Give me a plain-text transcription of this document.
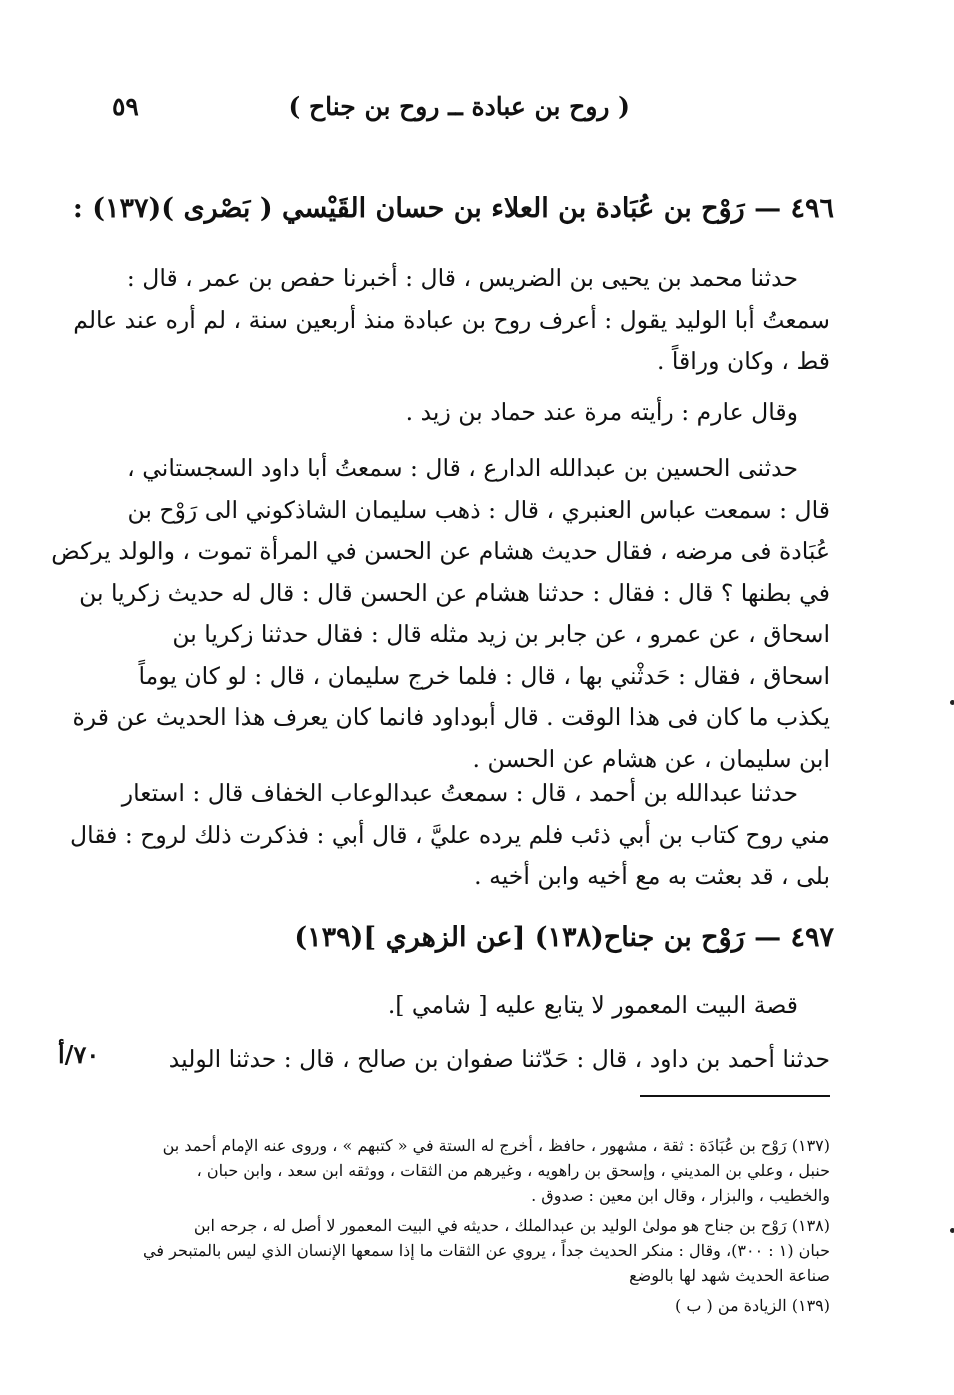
( روح بن عبادة ــ روح بن جناح )
٥٩
٤٩٦ — رَوْح بن عُبَادة بن العلاء بن حسان القَيْسي ( بَصْرى )(١٣٧) :
حدثنا محمد بن يحيى بن الضريس ، قال : أخبرنا حفص بن عمر ، قال :
سمعتُ أبا الوليد يقول : أعرف روح بن عبادة منذ أربعين سنة ، لم أره عند عالم
قط ، وكان وراقاً .
وقال عارم : رأيته مرة عند حماد بن زيد .
حدثنى الحسين بن عبدالله الدارع ، قال : سمعتُ أبا داود السجستاني ،
قال : سمعت عباس العنبري ، قال : ذهب سليمان الشاذكوني الى رَوْح بن
عُبَادة فى مرضه ، فقال حديث هشام عن الحسن في المرأة تموت ، والولد يركض
في بطنها ؟ قال : فقال : حدثنا هشام عن الحسن قال : قال له حديث زكريا بن
اسحاق ، عن عمرو ، عن جابر بن زيد مثله قال : فقال حدثنا زكريا بن
اسحاق ، فقال : حَدثْني بها ، قال : فلما خرج سليمان ، قال : لو كان يوماً
يكذب ما كان فى هذا الوقت . قال أبوداود فانما كان يعرف هذا الحديث عن قرة
ابن سليمان ، عن هشام عن الحسن .
حدثنا عبدالله بن أحمد ، قال : سمعتُ عبدالوعاب الخفاف قال : استعار
مني روح كتاب بن أبي ذئب فلم يرده عليَّ ، قال أبي : فذكرت ذلك لروح : فقال
بلى ، قد بعثت به مع أخيه وابن أخيه .
٤٩٧ — رَوْح بن جناح(١٣٨) [عن الزهري ](١٣٩)
قصة البيت المعمور لا يتابع عليه [ شامي ].
حدثنا أحمد بن داود ، قال : حَدّثنا صفوان بن صالح ، قال : حدثنا الوليد
٧٠/أ
(١٣٧) رَوْح بن عُبَادَة : ثقة ، مشهور ، حافظ ، أخرج له الستة في « كتبهم » ، وروى عنه الإمام أحمد بن
حنبل ، وعلي بن المديني ، وإسحق بن راهويه ، وغيرهم من الثقات ، ووثقه ابن سعد ، وابن حبان ،
والخطيب ، والبزار ، وقال ابن معين : صدوق .
(١٣٨) رَوْح بن جناح هو مولىٰ الوليد بن عبدالملك ، حديثه في البيت المعمور لا أصل له ، جرحه ابن
حبان (١ : ٣٠٠)، وقال : منكر الحديث جداً ، يروي عن الثقات ما إذا سمعها الإنسان الذي ليس بالمتبحر في
صناعة الحديث شهد لها بالوضع
(١٣٩) الزيادة من ( ب )
